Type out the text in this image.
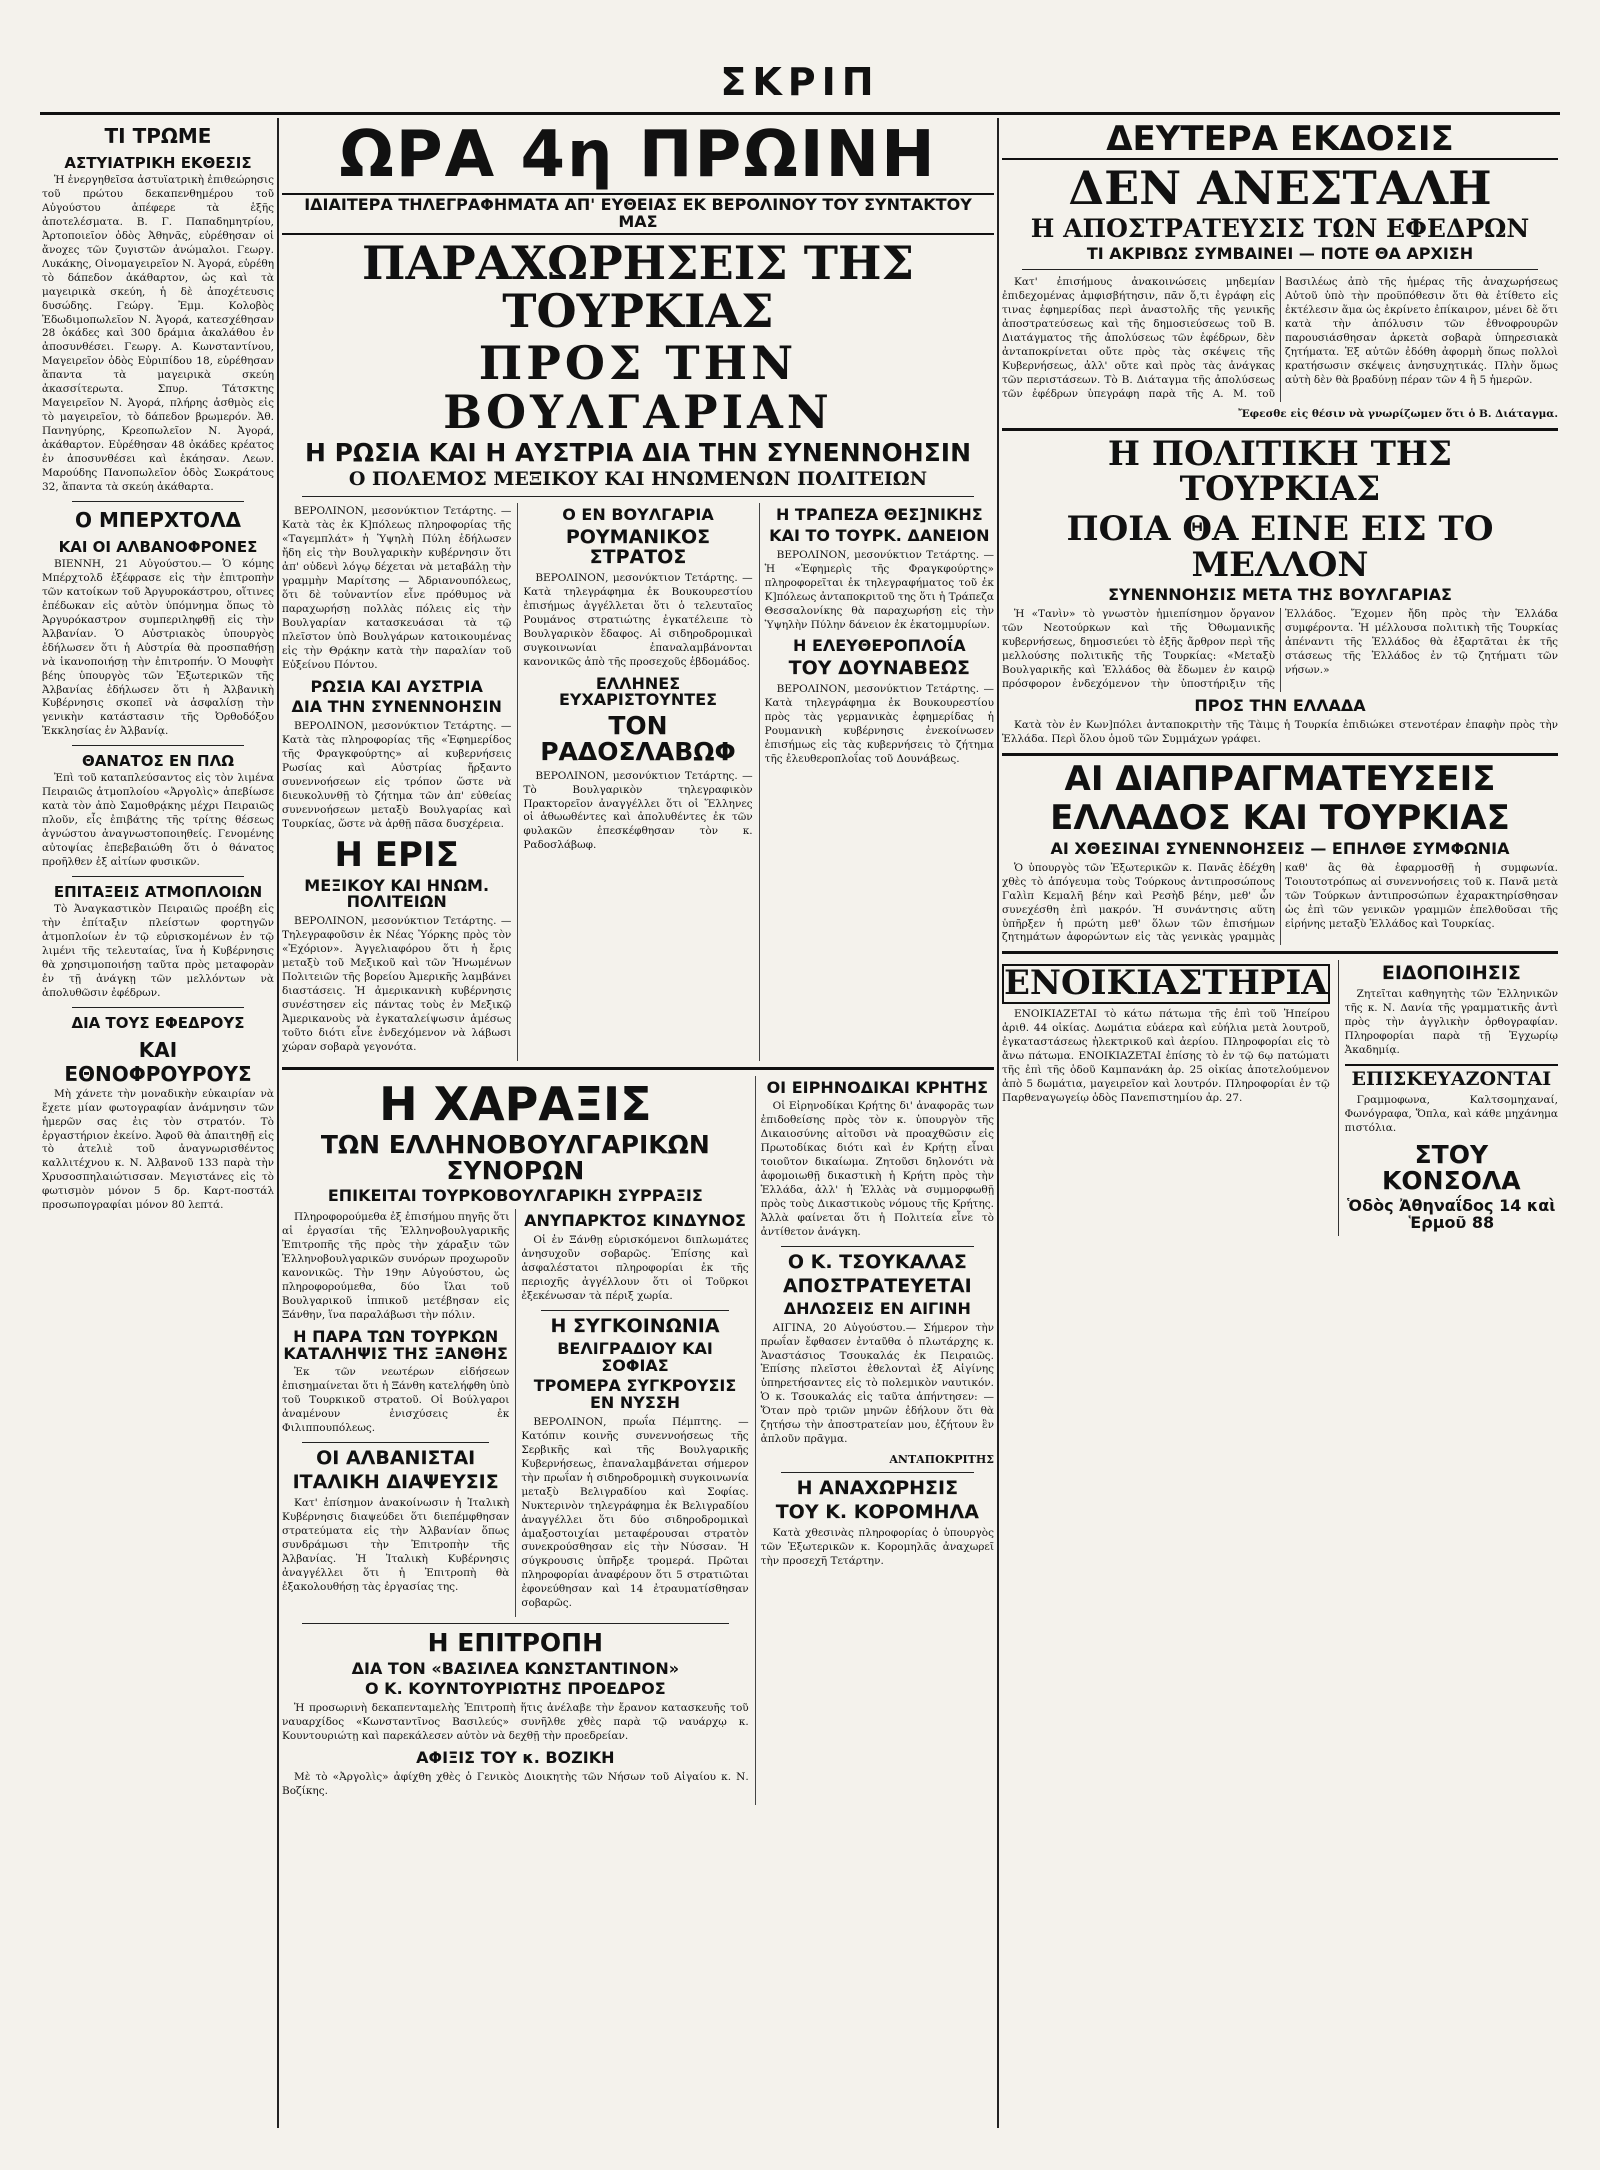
ΣΚΡΙΠ
ΤΙ ΤΡΩΜΕ
ΑΣΤΥΙΑΤΡΙΚΗ ΕΚΘΕΣΙΣ

Ἡ ἐνεργηθεῖσα ἀστυϊατρικὴ ἐπιθεώρησις τοῦ πρώτου δεκαπενθημέρου τοῦ Αὐγούστου ἀπέφερε τὰ ἑξῆς ἀποτελέσματα. Β. Γ. Παπαδημητρίου, Ἀρτοποιεῖον ὁδὸς Ἀθηνᾶς, εὑρέθησαν οἱ ἄνοχες τῶν ζυγιστῶν ἀνώμαλοι. Γεωργ. Λυκάκης, Οἰνομαγειρεῖον Ν. Ἀγορά, εὑρέθη τὸ δάπεδον ἀκάθαρτον, ὡς καὶ τὰ μαγειρικὰ σκεύη, ἡ δὲ ἀποχέτευσις δυσώδης. Γεώργ. Ἐμμ. Κολοβὸς Ἐδωδιμοπωλεῖον Ν. Ἀγορά, κατεσχέθησαν 28 ὀκάδες καὶ 300 δράμια ἀκαλάθου ἐν ἀποσυνθέσει. Γεωργ. Α. Κωνσταντίνου, Μαγειρεῖον ὁδὸς Εὐριπίδου 18, εὑρέθησαν ἅπαντα τὰ μαγειρικὰ σκεύη ἀκασσίτερωτα. Σπυρ. Τάτσκτης Μαγειρεῖον Ν. Ἀγορά, πλήρης ἀσθμὸς εἰς τὸ μαγειρεῖον, τὸ δάπεδον βρωμερόν. Ἀθ. Πανηγύρης, Κρεοπωλεῖον Ν. Ἀγορά, ἀκάθαρτον. Εὑρέθησαν 48 ὀκάδες κρέατος ἐν ἀποσυνθέσει καὶ ἐκάησαν. Λεων. Μαρούδης Πανοπωλεῖον ὁδὸς Σωκράτους 32, ἅπαντα τὰ σκεύη ἀκάθαρτα.

Ο ΜΠΕΡΧΤΟΛΔ
ΚΑΙ ΟΙ ΑΛΒΑΝΟΦΡΟΝΕΣ

ΒΙΕΝΝΗ, 21 Αὐγούστου.— Ὁ κόμης Μπέρχτολδ ἐξέφρασε εἰς τὴν ἐπιτροπὴν τῶν κατοίκων τοῦ Ἀργυροκάστρου, οἵτινες ἐπέδωκαν εἰς αὐτὸν ὑπόμνημα ὅπως τὸ Ἀργυρόκαστρον συμπεριληφθῇ εἰς τὴν Ἀλβανίαν. Ὁ Αὐστριακὸς ὑπουργὸς ἐδήλωσεν ὅτι ἡ Αὐστρία θὰ προσπαθήσῃ νὰ ἱκανοποιήσῃ τὴν ἐπιτροπήν. Ὁ Μουφὴτ βέης ὑπουργὸς τῶν Ἐξωτερικῶν τῆς Ἀλβανίας ἐδήλωσεν ὅτι ἡ Ἀλβανικὴ Κυβέρνησις σκοπεῖ νὰ ἀσφαλίσῃ τὴν γενικὴν κατάστασιν τῆς Ὀρθοδόξου Ἐκκλησίας ἐν Ἀλβανίᾳ.

ΘΑΝΑΤΟΣ ΕΝ ΠΛΩ

Ἐπὶ τοῦ καταπλεύσαντος εἰς τὸν λιμένα Πειραιῶς ἀτμοπλοίου «Ἀργολὶς» ἀπεβίωσε κατὰ τὸν ἀπὸ Σαμοθρᾴκης μέχρι Πειραιῶς πλοῦν, εἷς ἐπιβάτης τῆς τρίτης θέσεως ἀγνώστου ἀναγνωστοποιηθείς. Γενομένης αὐτοψίας ἐπεβεβαιώθη ὅτι ὁ θάνατος προῆλθεν ἐξ αἰτίων φυσικῶν.

ΕΠΙΤΑΞΕΙΣ ΑΤΜΟΠΛΟΙΩΝ

Τὸ Ἀναγκαστικὸν Πειραιῶς προέβη εἰς τὴν ἐπίταξιν πλείστων φορτηγῶν ἀτμοπλοίων ἐν τῷ εὐρισκομένων ἐν τῷ λιμένι τῆς τελευταίας, ἵνα ἡ Κυβέρνησις θὰ χρησιμοποιήσῃ ταῦτα πρὸς μεταφορὰν ἐν τῇ ἀνάγκῃ τῶν μελλόντων νὰ ἀπολυθῶσιν ἐφέδρων.

ΔΙΑ ΤΟΥΣ ΕΦΕΔΡΟΥΣ
ΚΑΙ ΕΘΝΟΦΡΟΥΡΟΥΣ

Μὴ χάνετε τὴν μοναδικὴν εὐκαιρίαν νὰ ἔχετε μίαν φωτογραφίαν ἀνάμνησιν τῶν ἡμερῶν σας ἐις τὸν στρατόν. Τὸ ἐργαστήριον ἐκείνο. Ἀφοῦ θὰ ἀπαιτηθῇ εἰς τὸ ἀτελιὲ τοῦ ἀναγνωρισθέντος καλλιτέχνου κ. Ν. Ἀλβανοῦ 133 παρὰ τὴν Χρυσοσπηλαιώτισσαν. Μεγιστάνες εἰς τὸ φωτισμὸν μόνον 5 δρ. Καρτ-ποστάλ προσωπογραφίαι μόνον 80 λεπτά.

ΩΡΑ 4η ΠΡΩΙΝΗ
ΙΔΙΑΙΤΕΡΑ ΤΗΛΕΓΡΑΦΗΜΑΤΑ ΑΠ' ΕΥΘΕΙΑΣ ΕΚ ΒΕΡΟΛΙΝΟΥ ΤΟΥ ΣΥΝΤΑΚΤΟΥ ΜΑΣ
ΠΑΡΑΧΩΡΗΣΕΙΣ ΤΗΣ ΤΟΥΡΚΙΑΣ
ΠΡΟΣ ΤΗΝ ΒΟΥΛΓΑΡΙΑΝ
Η ΡΩΣΙΑ ΚΑΙ Η ΑΥΣΤΡΙΑ ΔΙΑ ΤΗΝ ΣΥΝΕΝΝΟΗΣΙΝ
Ο ΠΟΛΕΜΟΣ ΜΕΞΙΚΟΥ ΚΑΙ ΗΝΩΜΕΝΩΝ ΠΟΛΙΤΕΙΩΝ

ΒΕΡΟΛΙΝΟΝ, μεσονύκτιον Τετάρτης. — Κατὰ τὰς ἐκ Κ]πόλεως πληροφορίας τῆς «Ταγεμπλάτ» ἡ Ὑψηλὴ Πύλη ἐδήλωσεν ἤδη εἰς τὴν Βουλγαρικὴν κυβέρνησιν ὅτι ἀπ' οὐδενὶ λόγῳ δέχεται νὰ μεταβάλῃ τὴν γραμμὴν Μαρίτσης — Ἀδριανουπόλεως, ὅτι δὲ τοὐναντίον εἶνε πρόθυμος νὰ παραχωρήσῃ πολλὰς πόλεις εἰς τὴν Βουλγαρίαν κατασκευάσαι τὰ τῷ πλεῖστον ὑπὸ Βουλγάρων κατοικουμένας εἰς τὴν Θρᾴκην κατὰ τὴν παραλίαν τοῦ Εὐξείνου Πόντου.

ΡΩΣΙΑ ΚΑΙ ΑΥΣΤΡΙΑ
ΔΙΑ ΤΗΝ ΣΥΝΕΝΝΟΗΣΙΝ

ΒΕΡΟΛΙΝΟΝ, μεσονύκτιον Τετάρτης. — Κατὰ τὰς πληροφορίας τῆς «Ἐφημερίδος τῆς Φραγκφούρτης» αἱ κυβερνήσεις Ρωσίας καὶ Αὐστρίας ἤρξαντο συνεννοήσεων εἰς τρόπον ὥστε νὰ διευκολυνθῇ τὸ ζήτημα τῶν ἀπ' εὐθείας συνεννοήσεων μεταξὺ Βουλγαρίας καὶ Τουρκίας, ὥστε νὰ ἀρθῇ πᾶσα δυσχέρεια.

Η ΕΡΙΣ
ΜΕΞΙΚΟΥ ΚΑΙ ΗΝΩΜ. ΠΟΛΙΤΕΙΩΝ

ΒΕΡΟΛΙΝΟΝ, μεσονύκτιον Τετάρτης. — Τηλεγραφοῦσιν ἐκ Νέας Ὑόρκης πρὸς τὸν «Ἐχόριον». Ἀγγελιαφόρου ὅτι ἡ ἔρις μεταξὺ τοῦ Μεξικοῦ καὶ τῶν Ἡνωμένων Πολιτειῶν τῆς βορείου Ἀμερικῆς λαμβάνει διαστάσεις. Ἡ ἀμερικανικὴ κυβέρνησις συνέστησεν εἰς πάντας τοὺς ἐν Μεξικῷ Ἀμερικανοὺς νὰ ἐγκαταλείψωσιν ἀμέσως τοῦτο διότι εἶνε ἐνδεχόμενον νὰ λάβωσι χώραν σοβαρὰ γεγονότα.

Ο ΕΝ ΒΟΥΛΓΑΡΙΑ
ΡΟΥΜΑΝΙΚΟΣ ΣΤΡΑΤΟΣ

ΒΕΡΟΛΙΝΟΝ, μεσονύκτιον Τετάρτης. — Κατὰ τηλεγράφημα ἐκ Βουκουρεστίου ἐπισήμως ἀγγέλλεται ὅτι ὁ τελευταῖος Ρουμάνος στρατιώτης ἐγκατέλειπε τὸ Βουλγαρικὸν ἔδαφος. Αἱ σιδηροδρομικαὶ συγκοινωνίαι ἐπαναλαμβάνονται κανονικῶς ἀπὸ τῆς προσεχοῦς ἑβδομάδος.

ΕΛΛΗΝΕΣ ΕΥΧΑΡΙΣΤΟΥΝΤΕΣ
ΤΟΝ ΡΑΔΟΣΛΑΒΩΦ

ΒΕΡΟΛΙΝΟΝ, μεσονύκτιον Τετάρτης. — Τὸ Βουλγαρικὸν τηλεγραφικὸν Πρακτορεῖον ἀναγγέλλει ὅτι οἱ Ἕλληνες οἱ ἀθωωθέντες καὶ ἀπολυθέντες ἐκ τῶν φυλακῶν ἐπεσκέφθησαν τὸν κ. Ραδοσλάβωφ.

Η ΤΡΑΠΕΖΑ ΘΕΣ]ΝΙΚΗΣ
ΚΑΙ ΤΟ ΤΟΥΡΚ. ΔΑΝΕΙΟΝ

ΒΕΡΟΛΙΝΟΝ, μεσονύκτιον Τετάρτης. — Ἡ «Ἐφημερὶς τῆς Φραγκφούρτης» πληροφορεῖται ἐκ τηλεγραφήματος τοῦ ἐκ Κ]πόλεως ἀνταποκριτοῦ της ὅτι ἡ Τράπεζα Θεσσαλονίκης θὰ παραχωρήσῃ εἰς τὴν Ὑψηλὴν Πύλην δάνειον ἐκ ἑκατομμυρίων.

Η ΕΛΕΥΘΕΡΟΠΛΟΐΑ
ΤΟΥ ΔΟΥΝΑΒΕΩΣ

ΒΕΡΟΛΙΝΟΝ, μεσονύκτιον Τετάρτης. — Κατὰ τηλεγράφημα ἐκ Βουκουρεστίου πρὸς τὰς γερμανικὰς ἐφημερίδας ἡ Ρουμανικὴ κυβέρνησις ἐνεκοίνωσεν ἐπισήμως εἰς τὰς κυβερνήσεις τὸ ζήτημα τῆς ἐλευθεροπλοΐας τοῦ Δουνάβεως.

Η ΧΑΡΑΞΙΣ
ΤΩΝ ΕΛΛΗΝΟΒΟΥΛΓΑΡΙΚΩΝ ΣΥΝΟΡΩΝ
ΕΠΙΚΕΙΤΑΙ ΤΟΥΡΚΟΒΟΥΛΓΑΡΙΚΗ ΣΥΡΡΑΞΙΣ

Πληροφορούμεθα ἐξ ἐπισήμου πηγῆς ὅτι αἱ ἐργασίαι τῆς Ἑλληνοβουλγαρικῆς Ἐπιτροπῆς τῆς πρὸς τὴν χάραξιν τῶν Ἑλληνοβουλγαρικῶν συνόρων προχωροῦν κανονικῶς. Τὴν 19ην Αὐγούστου, ὡς πληροφορούμεθα, δύο ἴλαι τοῦ Βουλγαρικοῦ ἱππικοῦ μετέβησαν εἰς Ξάνθην, ἵνα παραλάβωσι τὴν πόλιν.

Η ΠΑΡΑ ΤΩΝ ΤΟΥΡΚΩΝ ΚΑΤΑΛΗΨΙΣ ΤΗΣ ΞΑΝΘΗΣ

Ἐκ τῶν νεωτέρων εἰδήσεων ἐπισημαίνεται ὅτι ἡ Ξάνθη κατελήφθη ὑπὸ τοῦ Τουρκικοῦ στρατοῦ. Οἱ Βούλγαροι ἀναμένουν ἐνισχύσεις ἐκ Φιλιππουπόλεως.

ΟΙ ΑΛΒΑΝΙΣΤΑΙ
ΙΤΑΛΙΚΗ ΔΙΑΨΕΥΣΙΣ

Κατ' ἐπίσημον ἀνακοίνωσιν ἡ Ἰταλικὴ Κυβέρνησις διαψεύδει ὅτι διεπέμφθησαν στρατεύματα εἰς τὴν Ἀλβανίαν ὅπως συνδράμωσι τὴν Ἐπιτροπὴν τῆς Ἀλβανίας. Ἡ Ἰταλικὴ Κυβέρνησις ἀναγγέλλει ὅτι ἡ Ἐπιτροπὴ θὰ ἐξακολουθήσῃ τὰς ἐργασίας της.

ΑΝΥΠΑΡΚΤΟΣ ΚΙΝΔΥΝΟΣ

Οἱ ἐν Ξάνθῃ εὑρισκόμενοι διπλωμάτες ἀνησυχοῦν σοβαρῶς. Ἐπίσης καὶ ἀσφαλέστατοι πληροφορίαι ἐκ τῆς περιοχῆς ἀγγέλλουν ὅτι οἱ Τοῦρκοι ἐξεκένωσαν τὰ πέριξ χωρία.

Η ΣΥΓΚΟΙΝΩΝΙΑ
ΒΕΛΙΓΡΑΔΙΟΥ ΚΑΙ ΣΟΦΙΑΣ
ΤΡΟΜΕΡΑ ΣΥΓΚΡΟΥΣΙΣ ΕΝ ΝΥΣΣΗ

ΒΕΡΟΛΙΝΟΝ, πρωΐα Πέμπτης. — Κατόπιν κοινῆς συνεννοήσεως τῆς Σερβικῆς καὶ τῆς Βουλγαρικῆς Κυβερνήσεως, ἐπαναλαμβάνεται σήμερον τὴν πρωΐαν ἡ σιδηροδρομικὴ συγκοινωνία μεταξὺ Βελιγραδίου καὶ Σοφίας. Νυκτερινὸν τηλεγράφημα ἐκ Βελιγραδίου ἀναγγέλλει ὅτι δύο σιδηροδρομικαὶ ἁμαξοστοιχίαι μεταφέρουσαι στρατὸν συνεκρούσθησαν εἰς τὴν Νύσσαν. Ἡ σύγκρουσις ὑπῆρξε τρομερά. Πρῶται πληροφορίαι ἀναφέρουν ὅτι 5 στρατιῶται ἐφονεύθησαν καὶ 14 ἐτραυματίσθησαν σοβαρῶς.

Η ΕΠΙΤΡΟΠΗ
ΔΙΑ ΤΟΝ «ΒΑΣΙΛΕΑ ΚΩΝΣΤΑΝΤΙΝΟΝ»
Ο Κ. ΚΟΥΝΤΟΥΡΙΩΤΗΣ ΠΡΟΕΔΡΟΣ

Ἡ προσωρινὴ δεκαπενταμελὴς Ἐπιτροπὴ ἥτις ἀνέλαβε τὴν ἔρανον κατασκευῆς τοῦ ναυαρχίδος «Κωνσταντῖνος Βασιλεύς» συνῆλθε χθὲς παρὰ τῷ ναυάρχῳ κ. Κουντουριώτῃ καὶ παρεκάλεσεν αὐτὸν νὰ δεχθῇ τὴν προεδρείαν.

ΑΦΙΞΙΣ ΤΟΥ κ. ΒΟΖΙΚΗ

Μὲ τὸ «Ἀργολὶς» ἀφίχθη χθὲς ὁ Γενικὸς Διοικητὴς τῶν Νήσων τοῦ Αἰγαίου κ. Ν. Βοζίκης.

ΟΙ ΕΙΡΗΝΟΔΙΚΑΙ ΚΡΗΤΗΣ

Οἱ Εἰρηνοδίκαι Κρήτης δι' ἀναφορᾶς των ἐπιδοθείσης πρὸς τὸν κ. ὑπουργὸν τῆς Δικαιοσύνης αἰτοῦσι νὰ προαχθῶσιν εἰς Πρωτοδίκας διότι καὶ ἐν Κρήτῃ εἶναι τοιοῦτον δικαίωμα. Ζητοῦσι δηλονότι νὰ ἀφομοιωθῇ δικαστικὴ ἡ Κρήτη πρὸς τὴν Ἑλλάδα, ἀλλ' ἡ Ἑλλὰς νὰ συμμορφωθῇ πρὸς τοὺς Δικαστικοὺς νόμους τῆς Κρήτης. Ἀλλὰ φαίνεται ὅτι ἡ Πολιτεία εἶνε τὸ ἀντίθετον ἀνάγκη.

Ο Κ. ΤΣΟΥΚΑΛΑΣ
ΑΠΟΣΤΡΑΤΕΥΕΤΑΙ
ΔΗΛΩΣΕΙΣ ΕΝ ΑΙΓΙΝΗ

ΑΙΓΙΝΑ, 20 Αὐγούστου.— Σήμερον τὴν πρωΐαν ἔφθασεν ἐνταῦθα ὁ πλωτάρχης κ. Ἀναστάσιος Τσουκαλάς ἐκ Πειραιῶς. Ἐπίσης πλεῖστοι ἐθελονταὶ ἐξ Αἰγίνης ὑπηρετήσαντες εἰς τὸ πολεμικὸν ναυτικόν. Ὁ κ. Τσουκαλάς εἰς ταῦτα ἀπήντησεν: — Ὅταν πρὸ τριῶν μηνῶν ἐδήλουν ὅτι θὰ ζητήσω τὴν ἀποστρατείαν μου, ἐζήτουν ἓν ἁπλοῦν πρᾶγμα.

ΑΝΤΑΠΟΚΡΙΤΗΣ
Η ΑΝΑΧΩΡΗΣΙΣ
ΤΟΥ Κ. ΚΟΡΟΜΗΛΑ

Κατὰ χθεσινὰς πληροφορίας ὁ ὑπουργὸς τῶν Ἐξωτερικῶν κ. Κορομηλᾶς ἀναχωρεῖ τὴν προσεχῆ Τετάρτην.

ΔΕΥΤΕΡΑ ΕΚΔΟΣΙΣ
ΔΕΝ ΑΝΕΣΤΑΛΗ
Η ΑΠΟΣΤΡΑΤΕΥΣΙΣ ΤΩΝ ΕΦΕΔΡΩΝ
ΤΙ ΑΚΡΙΒΩΣ ΣΥΜΒΑΙΝΕΙ — ΠΟΤΕ ΘΑ ΑΡΧΙΣΗ

Κατ' ἐπισήμους ἀνακοινώσεις μηδεμίαν ἐπιδεχομένας ἀμφισβήτησιν, πᾶν ὅ,τι ἐγράφη εἰς τινας ἐφημερίδας περὶ ἀναστολῆς τῆς γενικῆς ἀποστρατεύσεως καὶ τῆς δημοσιεύσεως τοῦ Β. Διατάγματος τῆς ἀπολύσεως τῶν ἐφέδρων, δὲν ἀνταποκρίνεται οὔτε πρὸς τὰς σκέψεις τῆς Κυβερνήσεως, ἀλλ' οὔτε καὶ πρὸς τὰς ἀνάγκας τῶν περιστάσεων. Τὸ Β. Διάταγμα τῆς ἀπολύσεως τῶν ἐφέδρων ὑπεγράφη παρὰ τῆς Α. Μ. τοῦ Βασιλέως ἀπὸ τῆς ἡμέρας τῆς ἀναχωρήσεως Αὐτοῦ ὑπὸ τὴν προϋπόθεσιν ὅτι θὰ ἐτίθετο εἰς ἐκτέλεσιν ἅμα ὡς ἐκρίνετο ἐπίκαιρον, μένει δὲ ὅτι κατὰ τὴν ἀπόλυσιν τῶν ἐθνοφρουρῶν παρουσιάσθησαν ἀρκετὰ σοβαρὰ ὑπηρεσιακὰ ζητήματα. Ἐξ αὐτῶν ἐδόθη ἀφορμὴ ὅπως πολλοὶ κρατήσωσιν σκέψεις ἀνησυχητικάς. Πλὴν ὅμως αὐτὴ δὲν θὰ βραδύνῃ πέραν τῶν 4 ἢ 5 ἡμερῶν.

Ἔφεσθε εἰς θέσιν νὰ γνωρίζωμεν ὅτι ὁ Β. Διάταγμα.

Η ΠΟΛΙΤΙΚΗ ΤΗΣ ΤΟΥΡΚΙΑΣ
ΠΟΙΑ ΘΑ ΕΙΝΕ ΕΙΣ ΤΟ ΜΕΛΛΟΝ
ΣΥΝΕΝΝΟΗΣΙΣ ΜΕΤΑ ΤΗΣ ΒΟΥΛΓΑΡΙΑΣ

Ἡ «Τανὶν» τὸ γνωστὸν ἡμιεπίσημον ὄργανον τῶν Νεοτούρκων καὶ τῆς Ὀθωμανικῆς κυβερνήσεως, δημοσιεύει τὸ ἑξῆς ἄρθρον περὶ τῆς μελλούσης πολιτικῆς τῆς Τουρκίας: «Μεταξὺ Βουλγαρικῆς καὶ Ἑλλάδος θὰ ἔδωμεν ἐν καιρῷ πρόσφορον ἐνδεχόμενον τὴν ὑποστήριξιν τῆς Ἑλλάδος. Ἔχομεν ἤδη πρὸς τὴν Ἑλλάδα συμφέροντα. Ἡ μέλλουσα πολιτικὴ τῆς Τουρκίας ἀπέναντι τῆς Ἑλλάδος θὰ ἐξαρτᾶται ἐκ τῆς στάσεως τῆς Ἑλλάδος ἐν τῷ ζητήματι τῶν νήσων.»

ΠΡΟΣ ΤΗΝ ΕΛΛΑΔΑ

Κατὰ τὸν ἐν Κων]πόλει ἀνταποκριτὴν τῆς Τὰιμς ἡ Τουρκία ἐπιδιώκει στενοτέραν ἐπαφὴν πρὸς τὴν Ἑλλάδα. Περὶ ὅλου ὁμοῦ τῶν Συμμάχων γράφει.

ΑΙ ΔΙΑΠΡΑΓΜΑΤΕΥΣΕΙΣ
ΕΛΛΑΔΟΣ ΚΑΙ ΤΟΥΡΚΙΑΣ
ΑΙ ΧΘΕΣΙΝΑΙ ΣΥΝΕΝΝΟΗΣΕΙΣ — ΕΠΗΛΘΕ ΣΥΜΦΩΝΙΑ

Ὁ ὑπουργὸς τῶν Ἐξωτερικῶν κ. Πανᾶς ἐδέχθη χθὲς τὸ ἀπόγευμα τοὺς Τούρκους ἀντιπροσώπους Γαλὶπ Κεμαλῆ βέην καὶ Ρεσὴδ βέην, μεθ' ὧν συνεχέσθη ἐπὶ μακρόν. Ἡ συνάντησις αὕτη ὑπῆρξεν ἡ πρώτη μεθ' ὅλων τῶν ἐπισήμων ζητημάτων ἀφορώντων εἰς τὰς γενικὰς γραμμὰς καθ' ἃς θὰ ἐφαρμοσθῇ ἡ συμφωνία. Τοιουτοτρόπως αἱ συνεννοήσεις τοῦ κ. Πανᾶ μετὰ τῶν Τούρκων ἀντιπροσώπων ἐχαρακτηρίσθησαν ὡς ἐπὶ τῶν γενικῶν γραμμῶν ἐπελθοῦσαι τῆς εἰρήνης μεταξὺ Ἑλλάδος καὶ Τουρκίας.

ΕΝΟΙΚΙΑΣΤΗΡΙΑ

ΕΝΟΙΚΙΑΖΕΤΑΙ τὸ κάτω πάτωμα τῆς ἐπὶ τοῦ Ἡπείρου ἀριθ. 44 οἰκίας. Δωμάτια εὐάερα καὶ εὐήλια μετὰ λουτροῦ, ἐγκαταστάσεως ἠλεκτρικοῦ καὶ ἀερίου. Πληροφορίαι εἰς τὸ ἄνω πάτωμα. ΕΝΟΙΚΙΑΖΕΤΑΙ ἐπίσης τὸ ἐν τῷ 6ῳ πατώματι τῆς ἐπὶ τῆς ὁδοῦ Καμπανάκη ἀρ. 25 οἰκίας ἀποτελούμενον ἀπὸ 5 δωμάτια, μαγειρεῖον καὶ λουτρόν. Πληροφορίαι ἐν τῷ Παρθεναγωγείῳ ὁδὸς Πανεπιστημίου ἀρ. 27.

ΕΙΔΟΠΟΙΗΣΙΣ

Ζητεῖται καθηγητὴς τῶν Ἑλληνικῶν τῆς κ. Ν. Δανία τῆς γραμματικῆς ἀντὶ πρὸς τὴν ἀγγλικὴν ὀρθογραφίαν. Πληροφορίαι παρὰ τῇ Ἐγχωρίῳ Ἀκαδημίᾳ.

ΕΠΙΣΚΕΥΑΖΟΝΤΑΙ

Γραμμοφωνα, Καλτσομηχαναί, Φωνόγραφα, Ὅπλα, καὶ κάθε μηχάνημα πιστόλια.

ΣΤΟΥ ΚΟΝΣΟΛΑ
Ὁδὸς Ἀθηναΐδος 14 καὶ Ἑρμοῦ 88
